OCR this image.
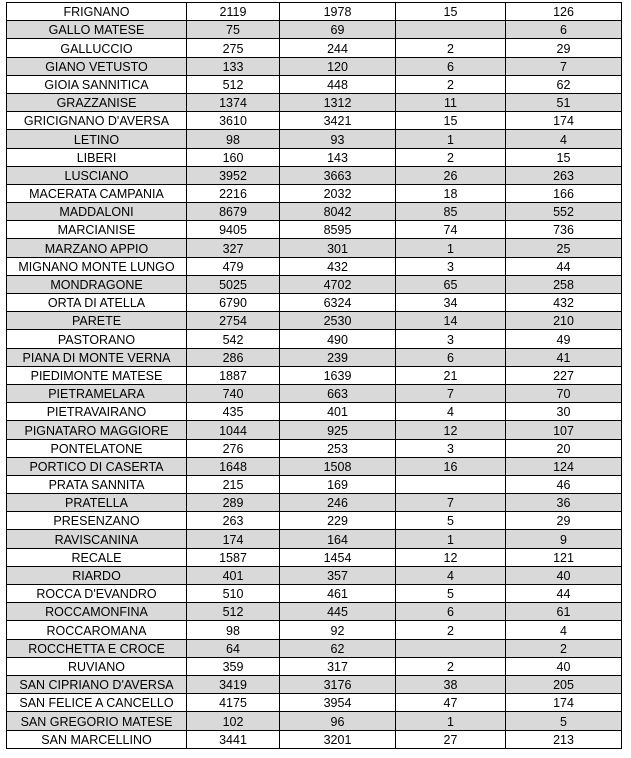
FRIGNANO	2119	1978	15	126
GALLO MATESE	75	69		6
GALLUCCIO	275	244	2	29
GIANO VETUSTO	133	120	6	7
GIOIA SANNITICA	512	448	2	62
GRAZZANISE	1374	1312	11	51
GRICIGNANO D'AVERSA	3610	3421	15	174
LETINO	98	93	1	4
LIBERI	160	143	2	15
LUSCIANO	3952	3663	26	263
MACERATA CAMPANIA	2216	2032	18	166
MADDALONI	8679	8042	85	552
MARCIANISE	9405	8595	74	736
MARZANO APPIO	327	301	1	25
MIGNANO MONTE LUNGO	479	432	3	44
MONDRAGONE	5025	4702	65	258
ORTA DI ATELLA	6790	6324	34	432
PARETE	2754	2530	14	210
PASTORANO	542	490	3	49
PIANA DI MONTE VERNA	286	239	6	41
PIEDIMONTE MATESE	1887	1639	21	227
PIETRAMELARA	740	663	7	70
PIETRAVAIRANO	435	401	4	30
PIGNATARO MAGGIORE	1044	925	12	107
PONTELATONE	276	253	3	20
PORTICO DI CASERTA	1648	1508	16	124
PRATA SANNITA	215	169		46
PRATELLA	289	246	7	36
PRESENZANO	263	229	5	29
RAVISCANINA	174	164	1	9
RECALE	1587	1454	12	121
RIARDO	401	357	4	40
ROCCA D'EVANDRO	510	461	5	44
ROCCAMONFINA	512	445	6	61
ROCCAROMANA	98	92	2	4
ROCCHETTA E CROCE	64	62		2
RUVIANO	359	317	2	40
SAN CIPRIANO D'AVERSA	3419	3176	38	205
SAN FELICE A CANCELLO	4175	3954	47	174
SAN GREGORIO MATESE	102	96	1	5
SAN MARCELLINO	3441	3201	27	213
